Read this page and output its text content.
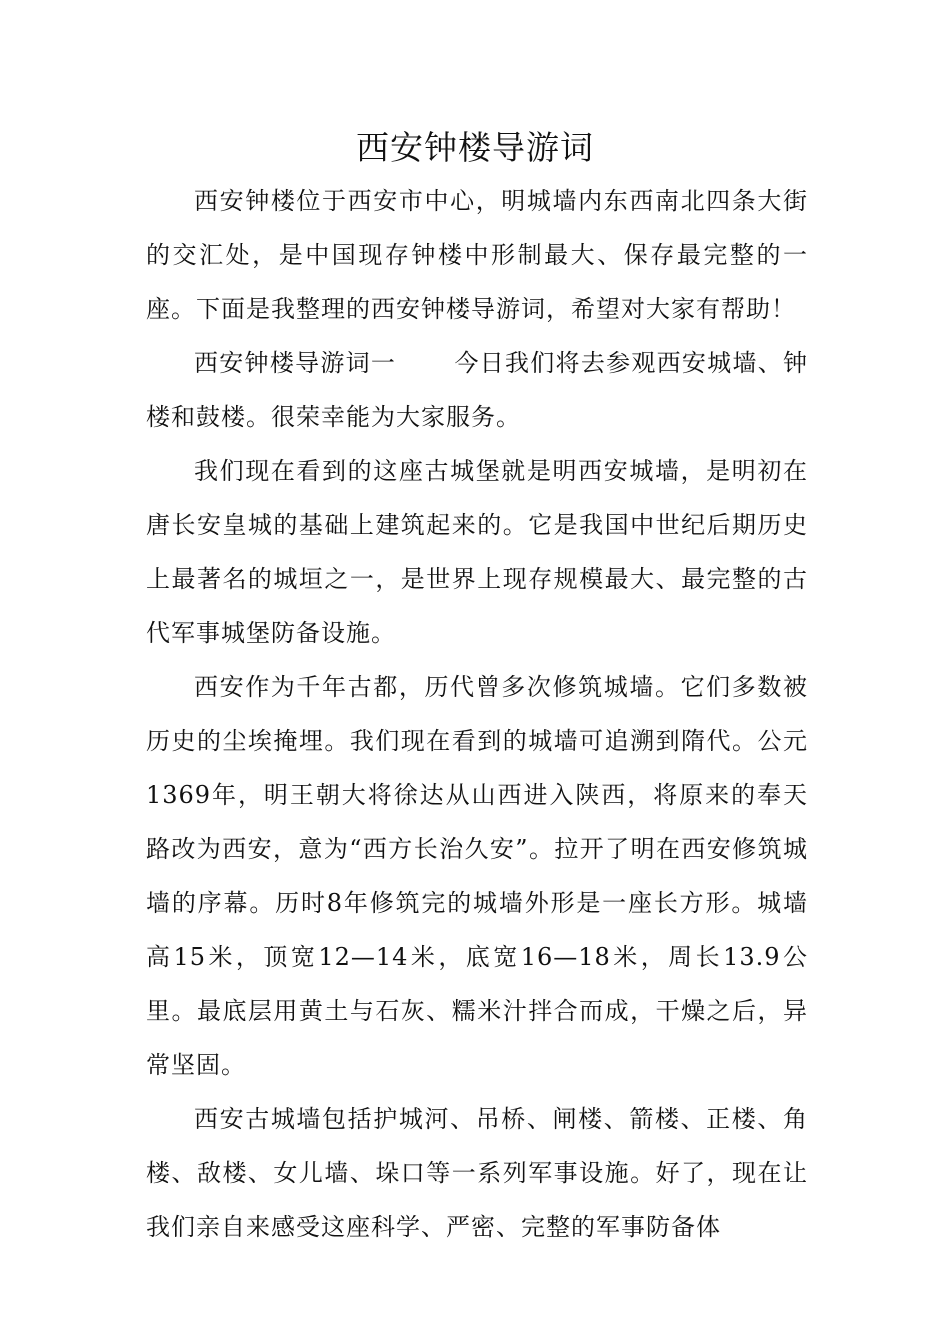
西安钟楼导游词

西安钟楼位于西安市中心，明城墙内东西南北四条大街的交汇处，是中国现存钟楼中形制最大、保存最完整的一座。下面是我整理的西安钟楼导游词，希望对大家有帮助！

西安钟楼导游词一 今日我们将去参观西安城墙、钟楼和鼓楼。很荣幸能为大家服务。

我们现在看到的这座古城堡就是明西安城墙，是明初在唐长安皇城的基础上建筑起来的。它是我国中世纪后期历史上最著名的城垣之一，是世界上现存规模最大、最完整的古代军事城堡防备设施。

西安作为千年古都，历代曾多次修筑城墙。它们多数被历史的尘埃掩埋。我们现在看到的城墙可追溯到隋代。公元1369年，明王朝大将徐达从山西进入陕西，将原来的奉天路改为西安，意为“西方长治久安”。拉开了明在西安修筑城墙的序幕。历时8年修筑完的城墙外形是一座长方形。城墙高15米，顶宽12—14米，底宽16—18米，周长13.9公里。最底层用黄土与石灰、糯米汁拌合而成，干燥之后，异常坚固。

西安古城墙包括护城河、吊桥、闸楼、箭楼、正楼、角楼、敌楼、女儿墙、垛口等一系列军事设施。好了，现在让我们亲自来感受这座科学、严密、完整的军事防备体
